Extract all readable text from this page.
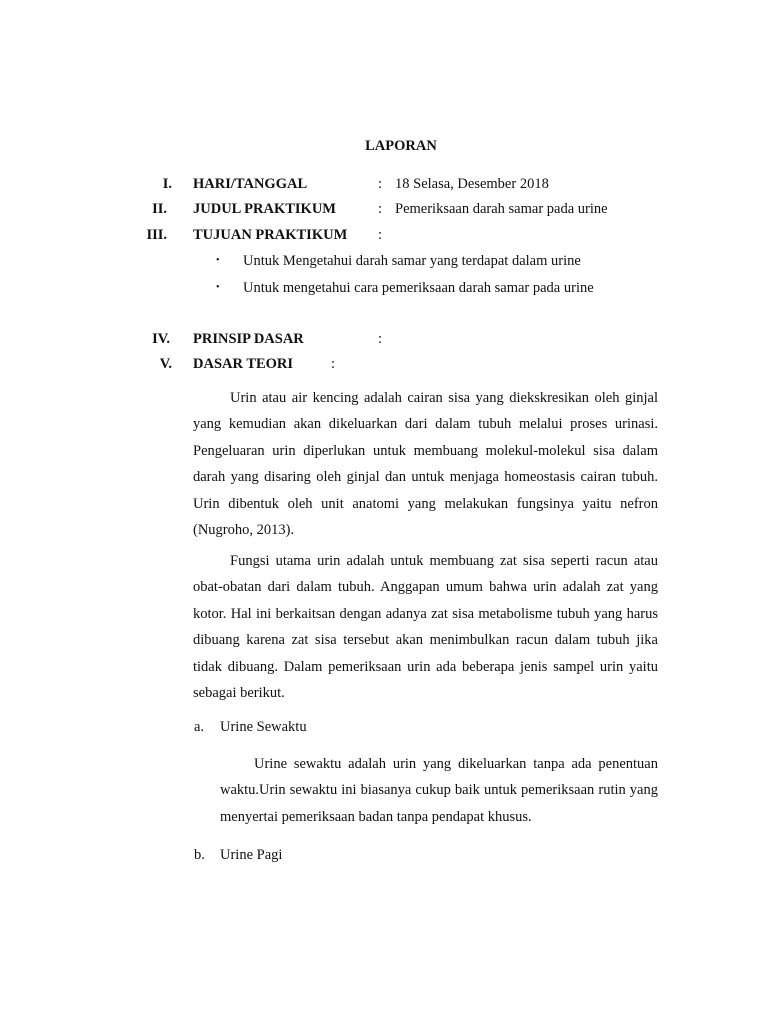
LAPORAN
I. HARI/TANGGAL	: 18 Selasa, Desember 2018
II. JUDUL PRAKTIKUM	: Pemeriksaan darah samar pada urine
III. TUJUAN PRAKTIKUM :
• Untuk Mengetahui darah samar yang terdapat dalam urine
• Untuk mengetahui cara pemeriksaan darah samar pada urine
IV. PRINSIP DASAR	:
V. DASAR TEORI	:

Urin atau air kencing adalah cairan sisa yang diekskresikan oleh ginjal yang kemudian akan dikeluarkan dari dalam tubuh melalui proses urinasi. Pengeluaran urin diperlukan untuk membuang molekul-molekul sisa dalam darah yang disaring oleh ginjal dan untuk menjaga homeostasis cairan tubuh. Urin dibentuk oleh unit anatomi yang melakukan fungsinya yaitu nefron (Nugroho, 2013).

Fungsi utama urin adalah untuk membuang zat sisa seperti racun atau obat-obatan dari dalam tubuh. Anggapan umum bahwa urin adalah zat yang kotor. Hal ini berkaitsan dengan adanya zat sisa metabolisme tubuh yang harus dibuang karena zat sisa tersebut akan menimbulkan racun dalam tubuh jika tidak dibuang. Dalam pemeriksaan urin ada beberapa jenis sampel urin yaitu sebagai berikut.

a. Urine Sewaktu

Urine sewaktu adalah urin yang dikeluarkan tanpa ada penentuan waktu.Urin sewaktu ini biasanya cukup baik untuk pemeriksaan rutin yang menyertai pemeriksaan badan tanpa pendapat khusus.

b. Urine Pagi
